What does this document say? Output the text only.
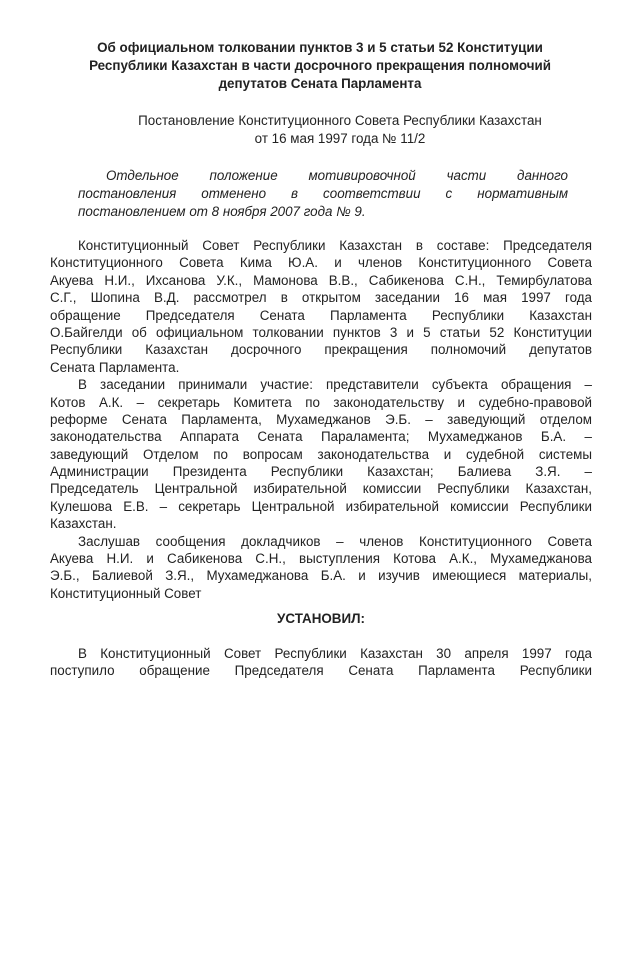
Об официальном толковании пунктов 3 и 5 статьи 52 Конституции
Республики Казахстан в части досрочного прекращения полномочий
депутатов Сената Парламента
Постановление Конституционного Совета Республики Казахстан
от 16 мая 1997 года № 11/2
Отдельное положение мотивировочной части данного
постановления отменено в соответствии с нормативным
постановлением от 8 ноября 2007 года № 9.
Конституционный Совет Республики Казахстан в составе: Председателя
Конституционного Совета Кима Ю.А. и членов Конституционного Совета
Акуева Н.И., Ихсанова У.К., Мамонова В.В., Сабикенова С.Н., Темирбулатова
С.Г., Шопина В.Д. рассмотрел в открытом заседании 16 мая 1997 года
обращение Председателя Сената Парламента Республики Казахстан
О.Байгелди об официальном толковании пунктов 3 и 5 статьи 52 Конституции
Республики Казахстан досрочного прекращения полномочий депутатов
Сената Парламента.
В заседании принимали участие: представители субъекта обращения –
Котов А.К. – секретарь Комитета по законодательству и судебно-правовой
реформе Сената Парламента, Мухамеджанов Э.Б. – заведующий отделом
законодательства Аппарата Сената Параламента; Мухамеджанов Б.А. –
заведующий Отделом по вопросам законодательства и судебной системы
Администрации Президента Республики Казахстан; Балиева З.Я. –
Председатель Центральной избирательной комиссии Республики Казахстан,
Кулешова Е.В. – секретарь Центральной избирательной комиссии Республики
Казахстан.
Заслушав сообщения докладчиков – членов Конституционного Совета
Акуева Н.И. и Сабикенова С.Н., выступления Котова А.К., Мухамеджанова
Э.Б., Балиевой З.Я., Мухамеджанова Б.А. и изучив имеющиеся материалы,
Конституционный Совет
УСТАНОВИЛ:
В Конституционный Совет Республики Казахстан 30 апреля 1997 года
поступило обращение Председателя Сената Парламента Республики
